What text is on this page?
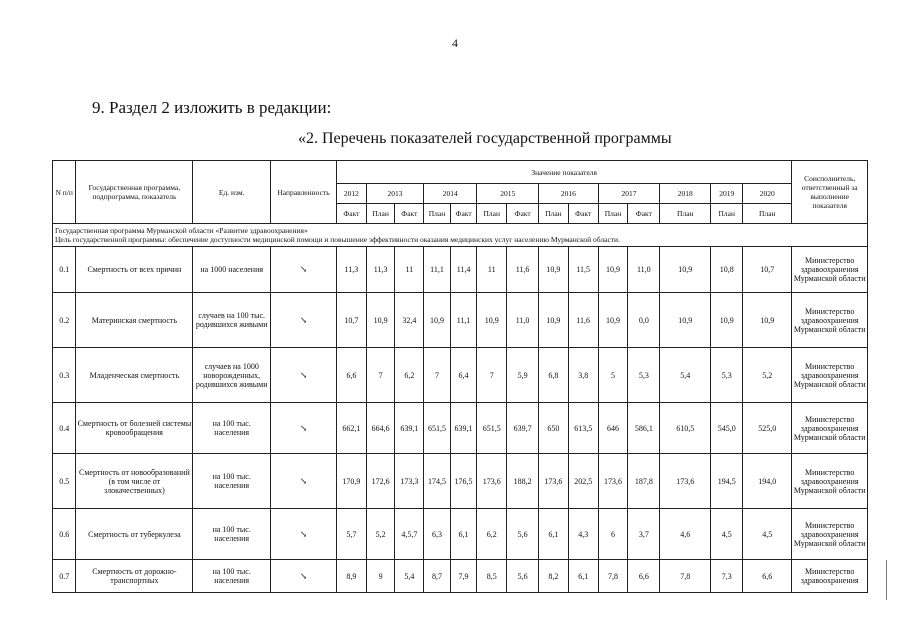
4
9. Раздел 2 изложить в редакции:
«2. Перечень показателей государственной программы
N п/п	Государственная программа, подпрограмма, показатель	Ед. изм.	Направленность	Значение показателя														Соисполнитель, ответственный за выполнение показателя
				2012	2013		2014		2015		2016		2017		2018	2019	2020	
				Факт	План	Факт	План	Факт	План	Факт	План	Факт	План	Факт	План	План	План	

Государственная программа Мурманской области «Развитие здравоохранения»
Цель государственной программы: обеспечение доступности медицинской помощи и повышение эффективности оказания медицинских услуг населению Мурманской области.																		

0.1	Смертность от всех причин	на 1000 населения	↘	11,3	11,3	11	11,1	11,4	11	11,6	10,9	11,5	10,9	11,0	10,9	10,8	10,7	Министерство здравоохранения Мурманской области
0.2	Материнская смертность	случаев на 100 тыс. родившихся живыми	↘	10,7	10,9	32,4	10,9	11,1	10,9	11,0	10,9	11,6	10,9	0,0	10,9	10,9	10,9	Министерство здравоохранения Мурманской области
0.3	Младенческая смертность	случаев на 1000 новорожденных, родившихся живыми	↘	6,6	7	6,2	7	6,4	7	5,9	6,8	3,8	5	5,3	5,4	5,3	5,2	Министерство здравоохранения Мурманской области
0.4	Смертность от болезней системы кровообращения	на 100 тыс. населения	↘	662,1	664,6	639,1	651,5	639,1	651,5	639,7	650	613,5	646	586,1	610,5	545,0	525,0	Министерство здравоохранения Мурманской области
0.5	Смертность от новообразований (в том числе от злокачественных)	на 100 тыс. населения	↘	170,9	172,6	173,3	174,5	176,5	173,6	188,2	173,6	202,5	173,6	187,8	173,6	194,5	194,0	Министерство здравоохранения Мурманской области
0.6	Смертность от туберкулеза	на 100 тыс. населения	↘	5,7	5,2	4,5,7	6,3	6,1	6,2	5,6	6,1	4,3	6	3,7	4,6	4,5	4,5	Министерство здравоохранения Мурманской области
0.7	Смертность от дорожно-транспортных	на 100 тыс. населения	↘	8,9	9	5,4	8,7	7,9	8,5	5,6	8,2	6,1	7,8	6,6	7,8	7,3	6,6	Министерство здравоохранения
